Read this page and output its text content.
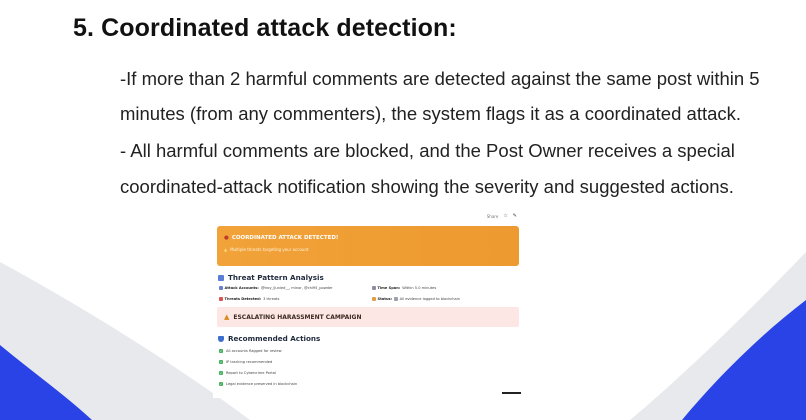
5. Coordinated attack detection:
-If more than 2 harmful comments are detected against the same post within 5
minutes (from any commenters), the system flags it as a coordinated attack.
- All harmful comments are blocked, and the Post Owner receives a special
coordinated-attack notification showing the severity and suggested actions.
Share ☆ ✎
● COORDINATED ATTACK DETECTED!
▲ Multiple threats targeting your account
Threat Pattern Analysis
Attack Accounts: @troy_ljunied__, minor, @chl95_powder	Time Span: Within 5.0 minutes
Threats Detected: 3 threats	Status: All evidence logged to blockchain
▲ ESCALATING HARASSMENT CAMPAIGN
Recommended Actions
✓ All accounts flagged for review
✓ IP tracking recommended
✓ Report to Cybercrime Portal
✓ Legal evidence preserved in blockchain
